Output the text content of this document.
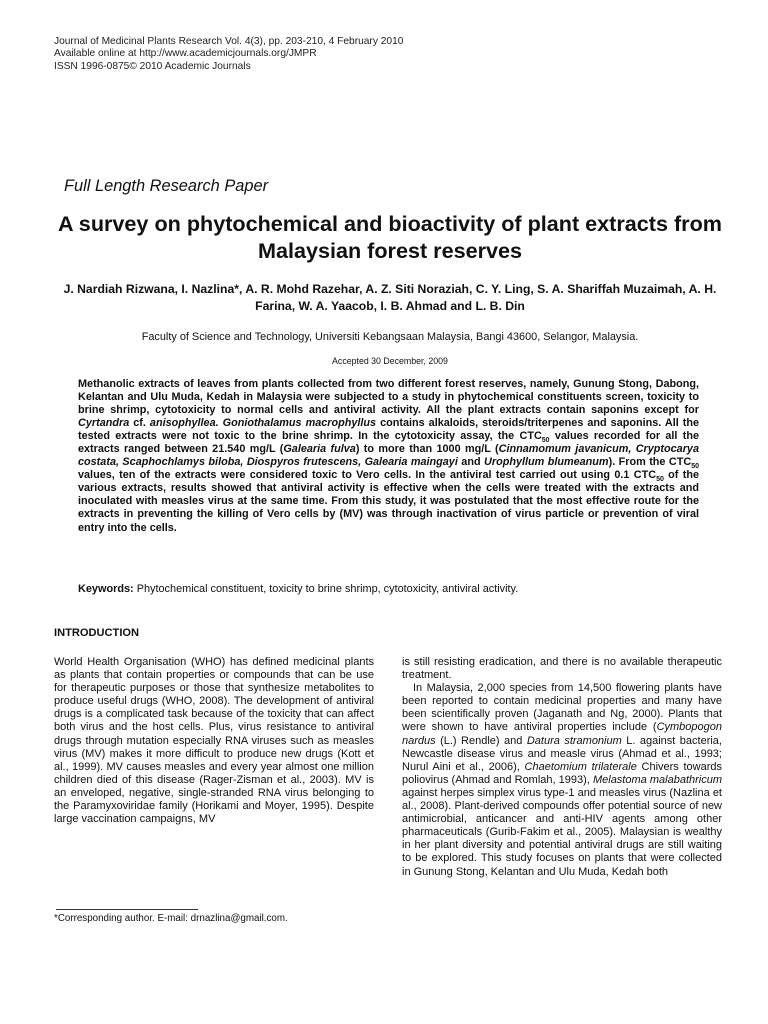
Journal of Medicinal Plants Research Vol. 4(3), pp. 203-210, 4 February 2010
Available online at http://www.academicjournals.org/JMPR
ISSN 1996-0875© 2010 Academic Journals
Full Length Research Paper
A survey on phytochemical and bioactivity of plant extracts from Malaysian forest reserves
J. Nardiah Rizwana, I. Nazlina*, A. R. Mohd Razehar, A. Z. Siti Noraziah, C. Y. Ling, S. A. Shariffah Muzaimah, A. H. Farina, W. A. Yaacob, I. B. Ahmad and L. B. Din
Faculty of Science and Technology, Universiti Kebangsaan Malaysia, Bangi 43600, Selangor, Malaysia.
Accepted 30 December, 2009
Methanolic extracts of leaves from plants collected from two different forest reserves, namely, Gunung Stong, Dabong, Kelantan and Ulu Muda, Kedah in Malaysia were subjected to a study in phytochemical constituents screen, toxicity to brine shrimp, cytotoxicity to normal cells and antiviral activity. All the plant extracts contain saponins except for Cyrtandra cf. anisophyllea. Goniothalamus macrophyllus contains alkaloids, steroids/triterpenes and saponins. All the tested extracts were not toxic to the brine shrimp. In the cytotoxicity assay, the $CTC_{50}$ values recorded for all the extracts ranged between 21.540 mg/L (Galearia fulva) to more than 1000 mg/L (Cinnamomum javanicum, Cryptocarya costata, Scaphochlamys biloba, Diospyros frutescens, Galearia maingayi and Urophyllum blumeanum). From the $CTC_{50}$ values, ten of the extracts were considered toxic to Vero cells. In the antiviral test carried out using 0.1 $CTC_{50}$ of the various extracts, results showed that antiviral activity is effective when the cells were treated with the extracts and inoculated with measles virus at the same time. From this study, it was postulated that the most effective route for the extracts in preventing the killing of Vero cells by (MV) was through inactivation of virus particle or prevention of viral entry into the cells.
Keywords: Phytochemical constituent, toxicity to brine shrimp, cytotoxicity, antiviral activity.
INTRODUCTION

World Health Organisation (WHO) has defined medicinal plants as plants that contain properties or compounds that can be use for therapeutic purposes or those that synthesize metabolites to produce useful drugs (WHO, 2008). The development of antiviral drugs is a complicated task because of the toxicity that can affect both virus and the host cells. Plus, virus resistance to antiviral drugs through mutation especially RNA viruses such as measles virus (MV) makes it more difficult to produce new drugs (Kott et al., 1999). MV causes measles and every year almost one million children died of this disease (Rager-Zisman et al., 2003). MV is an enveloped, negative, single-stranded RNA virus belonging to the Paramyxoviridae family (Horikami and Moyer, 1995). Despite large vaccination campaigns, MV

is still resisting eradication, and there is no available therapeutic treatment.

In Malaysia, 2,000 species from 14,500 flowering plants have been reported to contain medicinal properties and many have been scientifically proven (Jaganath and Ng, 2000). Plants that were shown to have antiviral properties include (Cymbopogon nardus (L.) Rendle) and Datura stramonium L. against bacteria, Newcastle disease virus and measle virus (Ahmad et al., 1993; Nurul Aini et al., 2006), Chaetomium trilaterale Chivers towards poliovirus (Ahmad and Romlah, 1993), Melastoma malabathricum against herpes simplex virus type-1 and measles virus (Nazlina et al., 2008). Plant-derived compounds offer potential source of new antimicrobial, anticancer and anti-HIV agents among other pharmaceuticals (Gurib-Fakim et al., 2005). Malaysian is wealthy in her plant diversity and potential antiviral drugs are still waiting to be explored. This study focuses on plants that were collected in Gunung Stong, Kelantan and Ulu Muda, Kedah both

*Corresponding author. E-mail: drnazlina@gmail.com.
